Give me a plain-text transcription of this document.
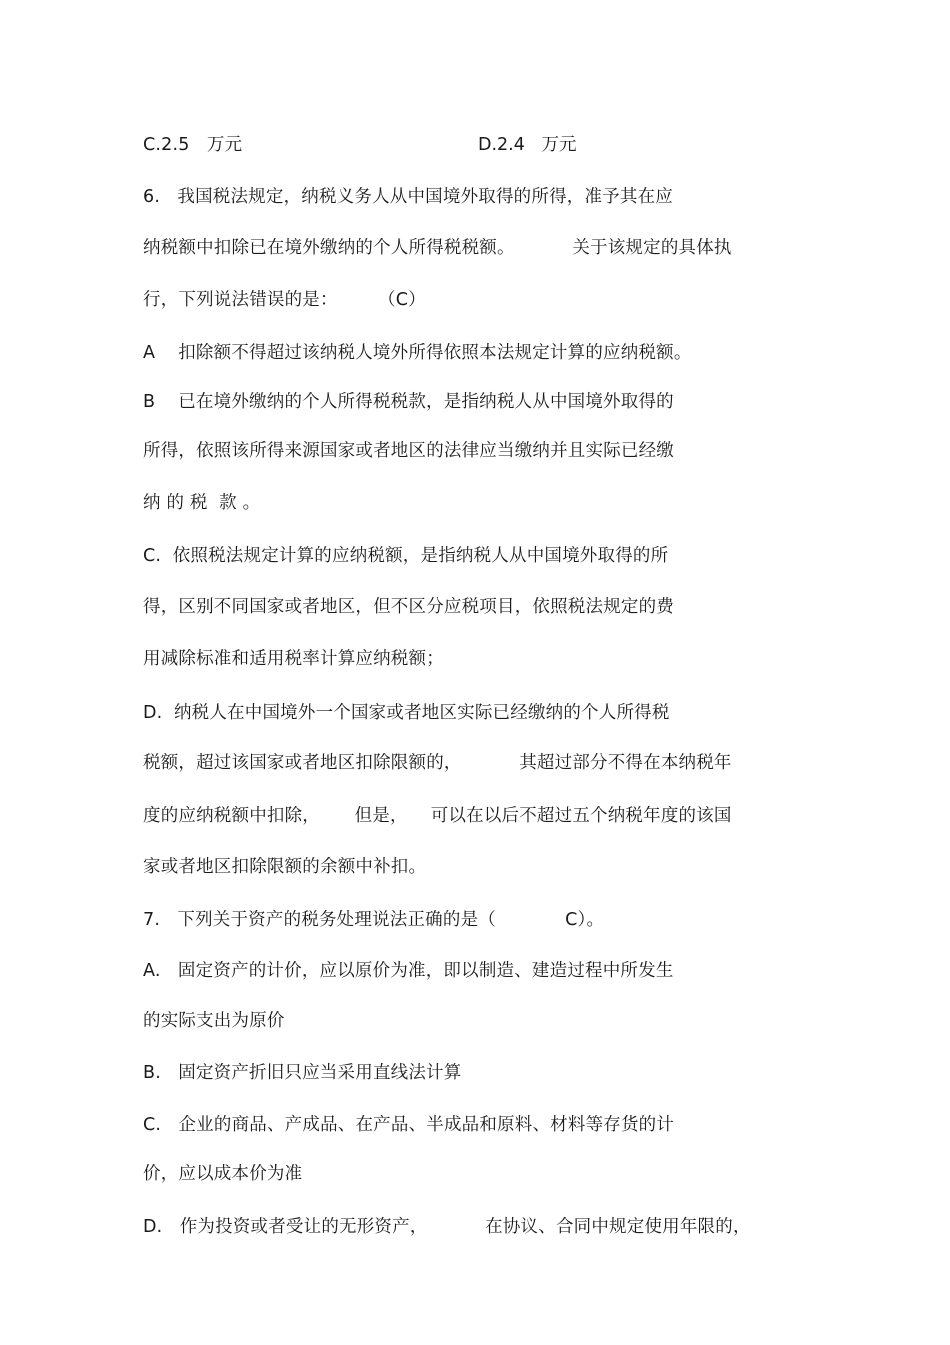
C.2.5   万元	D.2.4   万元
6.   我国税法规定，纳税义务人从中国境外取得的所得，准予其在应
纳税额中扣除已在境外缴纳的个人所得税税额。          关于该规定的具体执
行，下列说法错误的是：       （C）
A    扣除额不得超过该纳税人境外所得依照本法规定计算的应纳税额。
B    已在境外缴纳的个人所得税税款，是指纳税人从中国境外取得的
所得，依照该所得来源国家或者地区的法律应当缴纳并且实际已经缴
纳 的 税  款 。
C.  依照税法规定计算的应纳税额，是指纳税人从中国境外取得的所
得，区别不同国家或者地区，但不区分应税项目，依照税法规定的费
用减除标准和适用税率计算应纳税额；
D.  纳税人在中国境外一个国家或者地区实际已经缴纳的个人所得税
税额，超过该国家或者地区扣除限额的，          其超过部分不得在本纳税年
度的应纳税额中扣除，      但是，    可以在以后不超过五个纳税年度的该国
家或者地区扣除限额的余额中补扣。
7.   下列关于资产的税务处理说法正确的是（            C）。
A.   固定资产的计价，应以原价为准，即以制造、建造过程中所发生
的实际支出为原价
B.   固定资产折旧只应当采用直线法计算
C.   企业的商品、产成品、在产品、半成品和原料、材料等存货的计
价，应以成本价为准
D.   作为投资或者受让的无形资产，          在协议、合同中规定使用年限的，
